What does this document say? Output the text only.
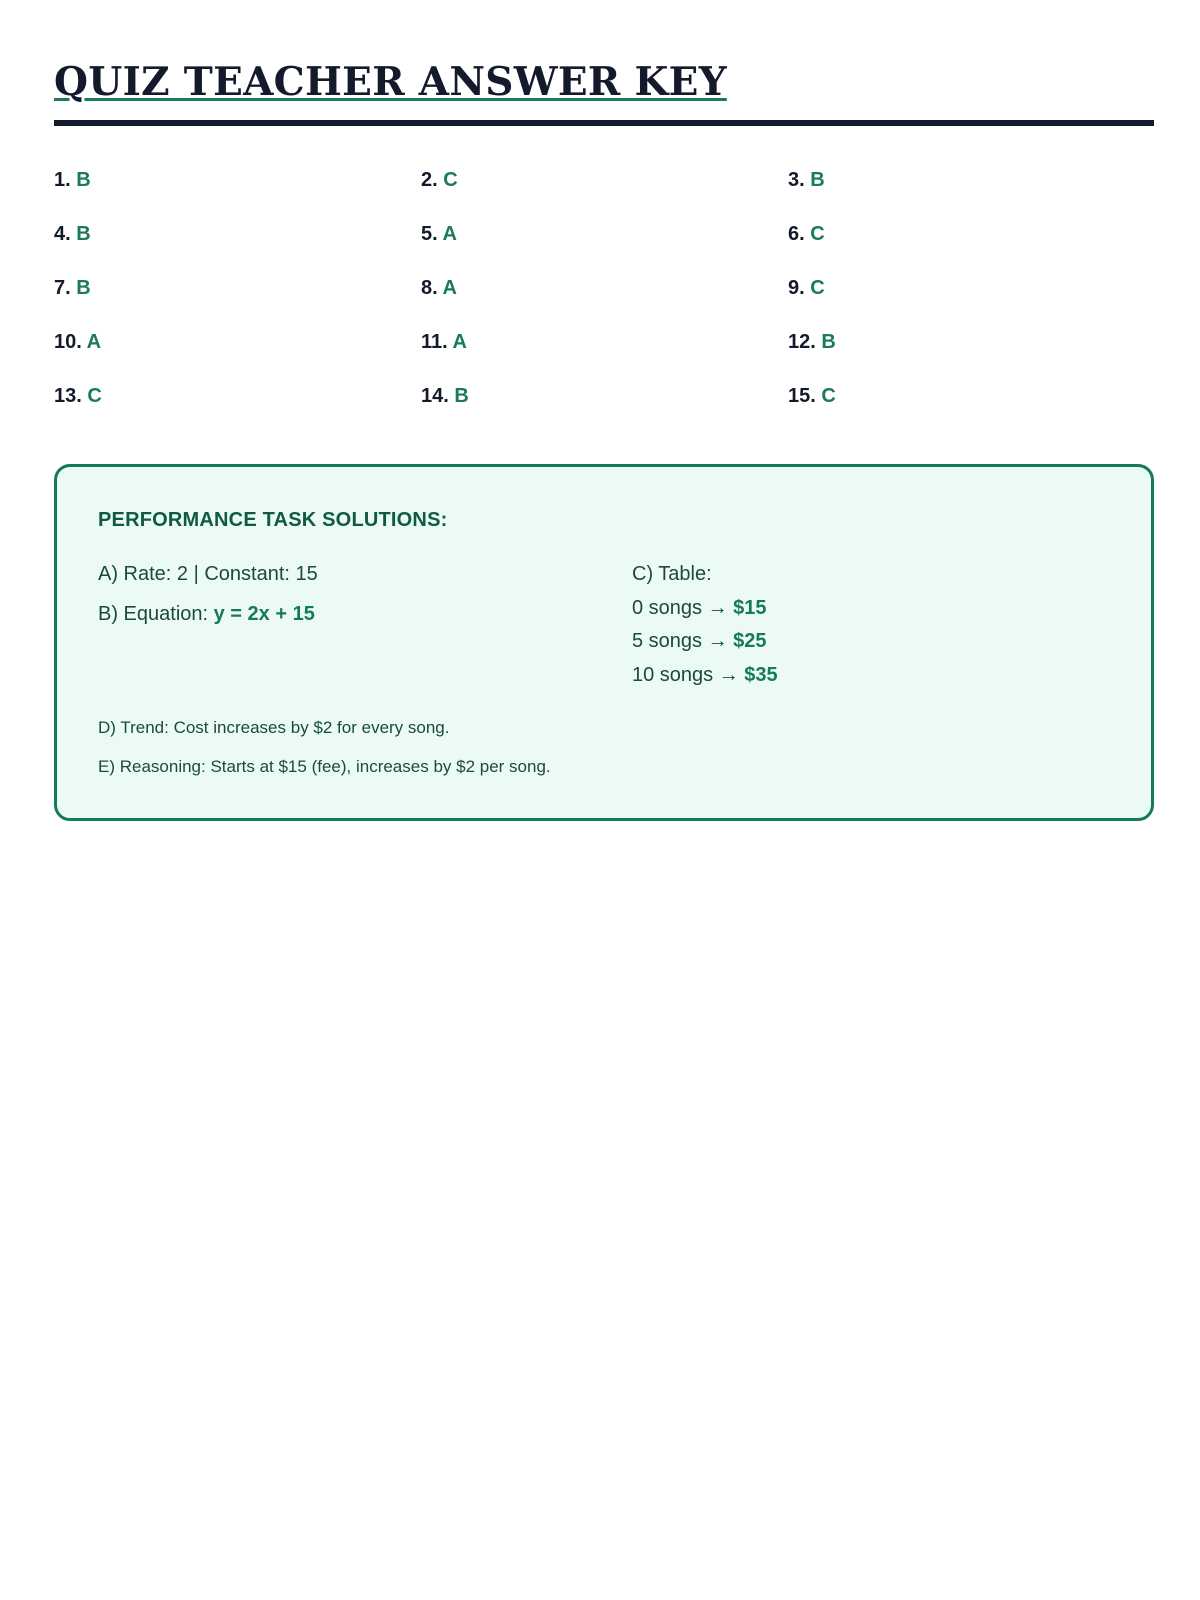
QUIZ TEACHER ANSWER KEY
1. B	2. C	3. B
4. B	5. A	6. C
7. B	8. A	9. C
10. A	11. A	12. B
13. C	14. B	15. C
PERFORMANCE TASK SOLUTIONS:
A) Rate: 2 | Constant: 15
B) Equation: y = 2x + 15
C) Table:
0 songs → $15
5 songs → $25
10 songs → $35
D) Trend: Cost increases by $2 for every song.
E) Reasoning: Starts at $15 (fee), increases by $2 per song.
